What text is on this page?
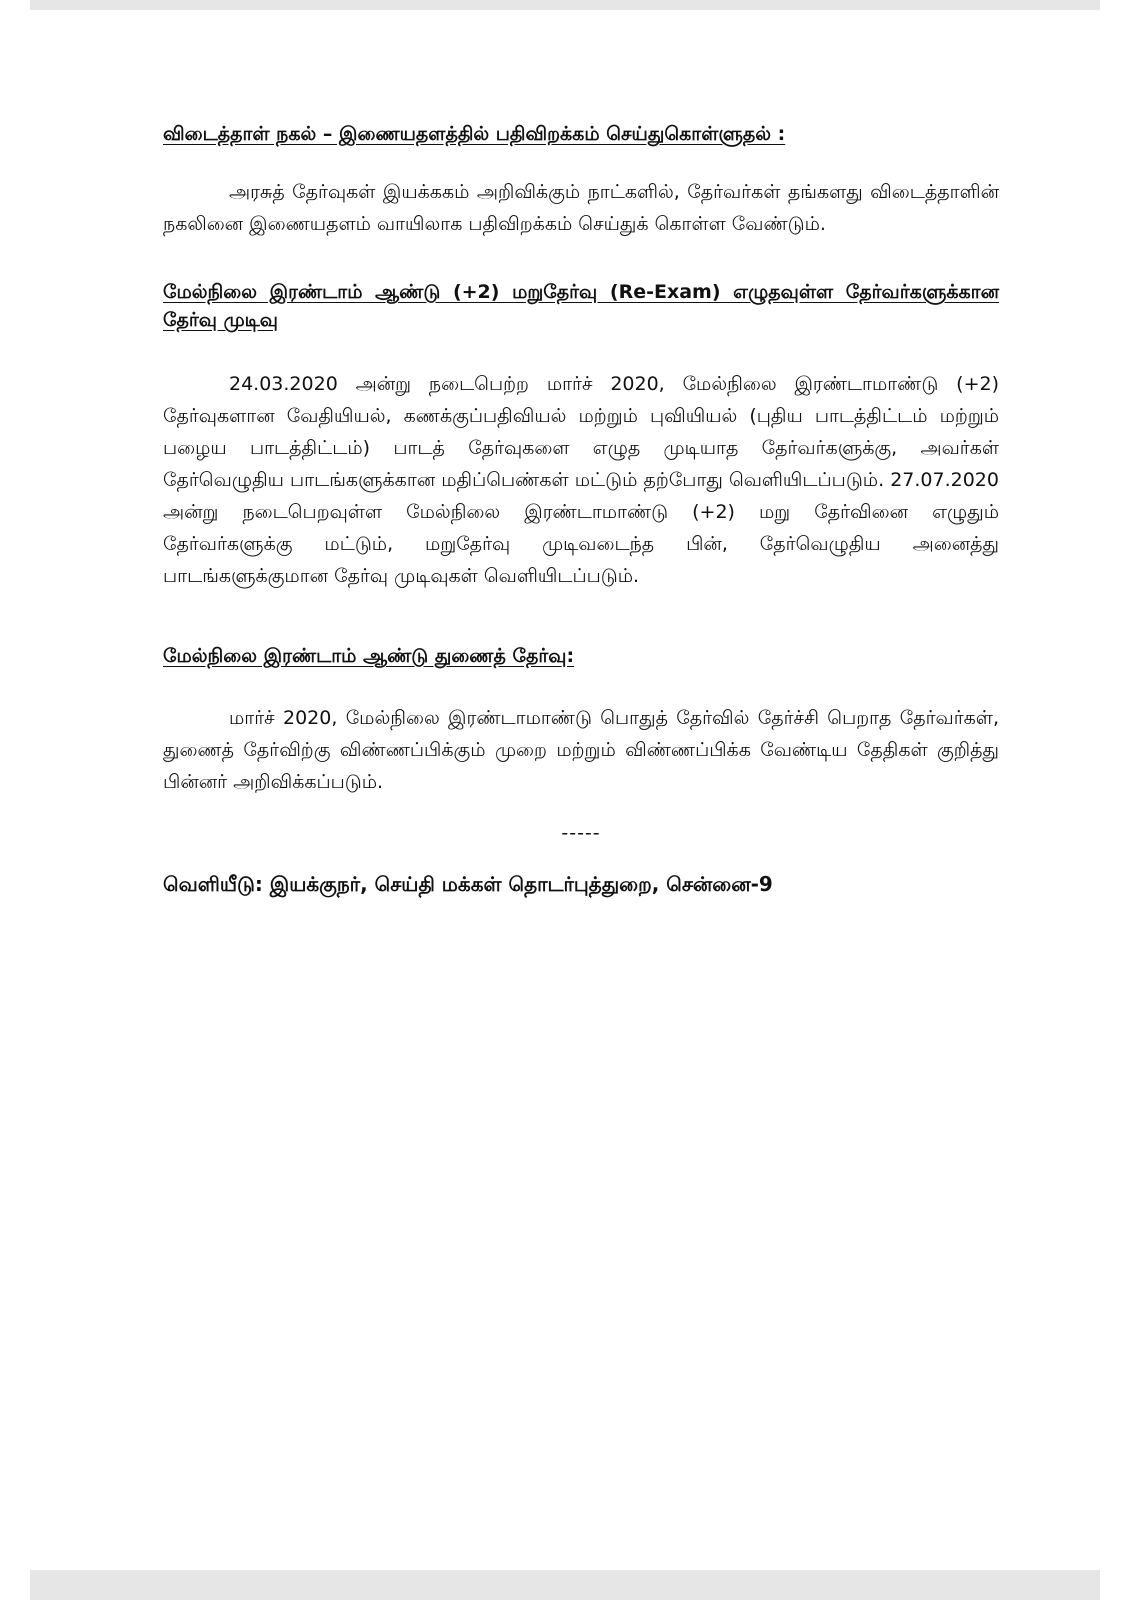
விடைத்தாள் நகல் – இணையதளத்தில் பதிவிறக்கம் செய்துகொள்ளுதல் :

அரசுத் தேர்வுகள் இயக்ககம் அறிவிக்கும் நாட்களில், தேர்வர்கள் தங்களது விடைத்தாளின் நகலினை இணையதளம் வாயிலாக பதிவிறக்கம் செய்துக் கொள்ள வேண்டும்.

மேல்நிலை இரண்டாம் ஆண்டு (+2) மறுதேர்வு (Re-Exam) எழுதவுள்ள தேர்வர்களுக்கான தேர்வு முடிவு

24.03.2020 அன்று நடைபெற்ற மார்ச் 2020, மேல்நிலை இரண்டாமாண்டு (+2) தேர்வுகளான வேதியியல், கணக்குப்பதிவியல் மற்றும் புவியியல் (புதிய பாடத்திட்டம் மற்றும் பழைய பாடத்திட்டம்) பாடத் தேர்வுகளை எழுத முடியாத தேர்வர்களுக்கு, அவர்கள் தேர்வெழுதிய பாடங்களுக்கான மதிப்பெண்கள் மட்டும் தற்போது வெளியிடப்படும். 27.07.2020 அன்று நடைபெறவுள்ள மேல்நிலை இரண்டாமாண்டு (+2) மறு தேர்வினை எழுதும் தேர்வர்களுக்கு மட்டும், மறுதேர்வு முடிவடைந்த பின், தேர்வெழுதிய அனைத்து பாடங்களுக்குமான தேர்வு முடிவுகள் வெளியிடப்படும்.

மேல்நிலை இரண்டாம் ஆண்டு துணைத் தேர்வு:

மார்ச் 2020, மேல்நிலை இரண்டாமாண்டு பொதுத் தேர்வில் தேர்ச்சி பெறாத தேர்வர்கள், துணைத் தேர்விற்கு விண்ணப்பிக்கும் முறை மற்றும் விண்ணப்பிக்க வேண்டிய தேதிகள் குறித்து பின்னர் அறிவிக்கப்படும்.

-----
வெளியீடு: இயக்குநர், செய்தி மக்கள் தொடர்புத்துறை, சென்னை-9
